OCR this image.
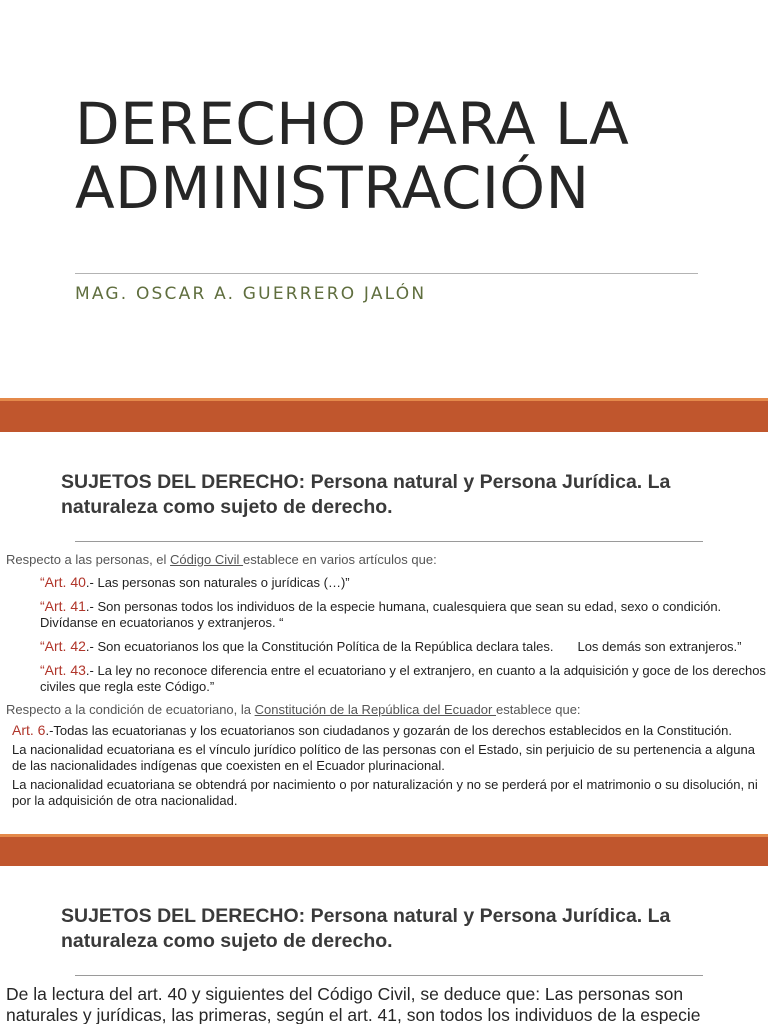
DERECHO PARA LA
ADMINISTRACIÓN
MAG. OSCAR A. GUERRERO JALÓN
SUJETOS DEL DERECHO: Persona natural y Persona Jurídica. La
naturaleza como sujeto de derecho.

Respecto a las personas, el Código Civil establece en varios artículos que:

“Art. 40.- Las personas son naturales o jurídicas (…)”

“Art. 41.- Son personas todos los individuos de la especie humana, cualesquiera que sean su edad, sexo o condición. Divídanse en ecuatorianos y extranjeros. “

“Art. 42.- Son ecuatorianos los que la Constitución Política de la República declara tales. Los demás son extranjeros.”

“Art. 43.- La ley no reconoce diferencia entre el ecuatoriano y el extranjero, en cuanto a la adquisición y goce de los derechos civiles que regla este Código.”

Respecto a la condición de ecuatoriano, la Constitución de la República del Ecuador establece que:

Art. 6.-Todas las ecuatorianas y los ecuatorianos son ciudadanos y gozarán de los derechos establecidos en la Constitución.

La nacionalidad ecuatoriana es el vínculo jurídico político de las personas con el Estado, sin perjuicio de su pertenencia a alguna de las nacionalidades indígenas que coexisten en el Ecuador plurinacional.

La nacionalidad ecuatoriana se obtendrá por nacimiento o por naturalización y no se perderá por el matrimonio o su disolución, ni por la adquisición de otra nacionalidad.

SUJETOS DEL DERECHO: Persona natural y Persona Jurídica. La
naturaleza como sujeto de derecho.
De la lectura del art. 40 y siguientes del Código Civil, se deduce que: Las personas son naturales y jurídicas, las primeras, según el art. 41, son todos los individuos de la especie
